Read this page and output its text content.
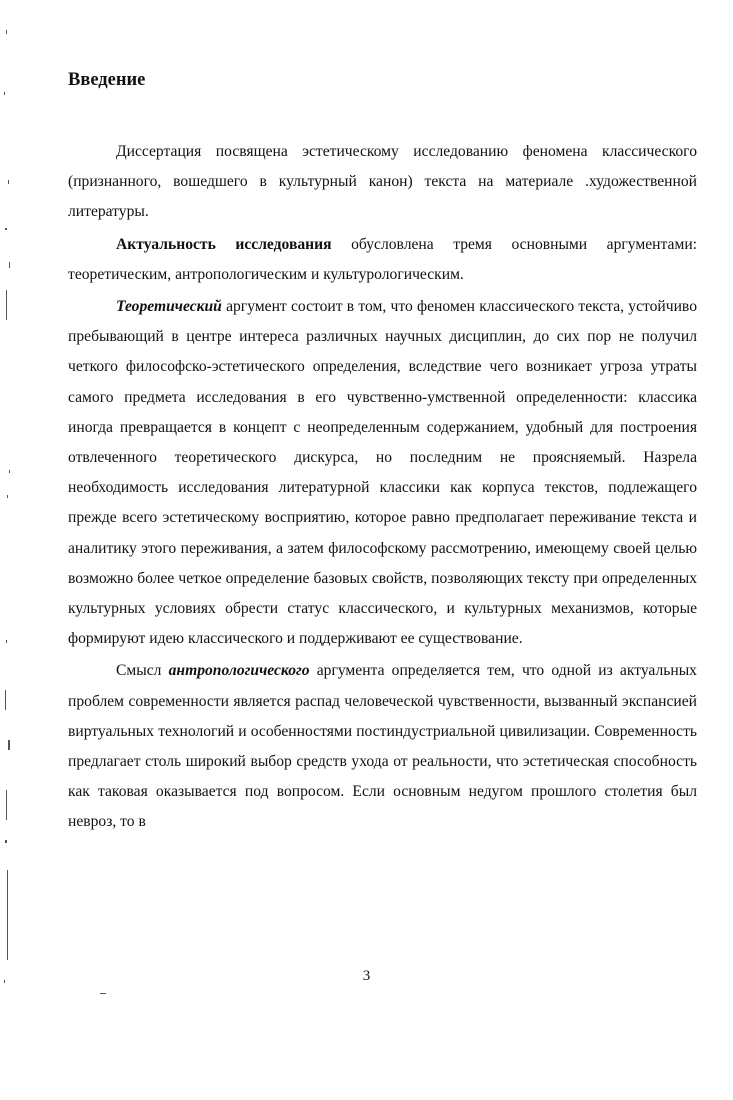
Введение

Диссертация посвящена эстетическому исследованию феномена классического (признанного, вошедшего в культурный канон) текста на материале .художественной литературы.

Актуальность исследования обусловлена тремя основными аргументами: теоретическим, антропологическим и культурологическим.

Теоретический аргумент состоит в том, что феномен классического текста, устойчиво пребывающий в центре интереса различных научных дисциплин, до сих пор не получил четкого философско-эстетического определения, вследствие чего возникает угроза утраты самого предмета исследования в его чувственно-умственной определенности: классика иногда превращается в концепт с неопределенным содержанием, удобный для построения отвлеченного теоретического дискурса, но последним не проясняемый. Назрела необходимость исследования литературной классики как корпуса текстов, подлежащего прежде всего эстетическому восприятию, которое равно предполагает переживание текста и аналитику этого переживания, а затем философскому рассмотрению, имеющему своей целью возможно более четкое определение базовых свойств, позволяющих тексту при определенных культурных условиях обрести статус классического, и культурных механизмов, которые формируют идею классического и поддерживают ее существование.

Смысл антропологического аргумента определяется тем, что одной из актуальных проблем современности является распад человеческой чувственности, вызванный экспансией виртуальных технологий и особенностями постиндустриальной цивилизации. Современность предлагает столь широкий выбор средств ухода от реальности, что эстетическая способность как таковая оказывается под вопросом. Если основным недугом прошлого столетия был невроз, то в

3
